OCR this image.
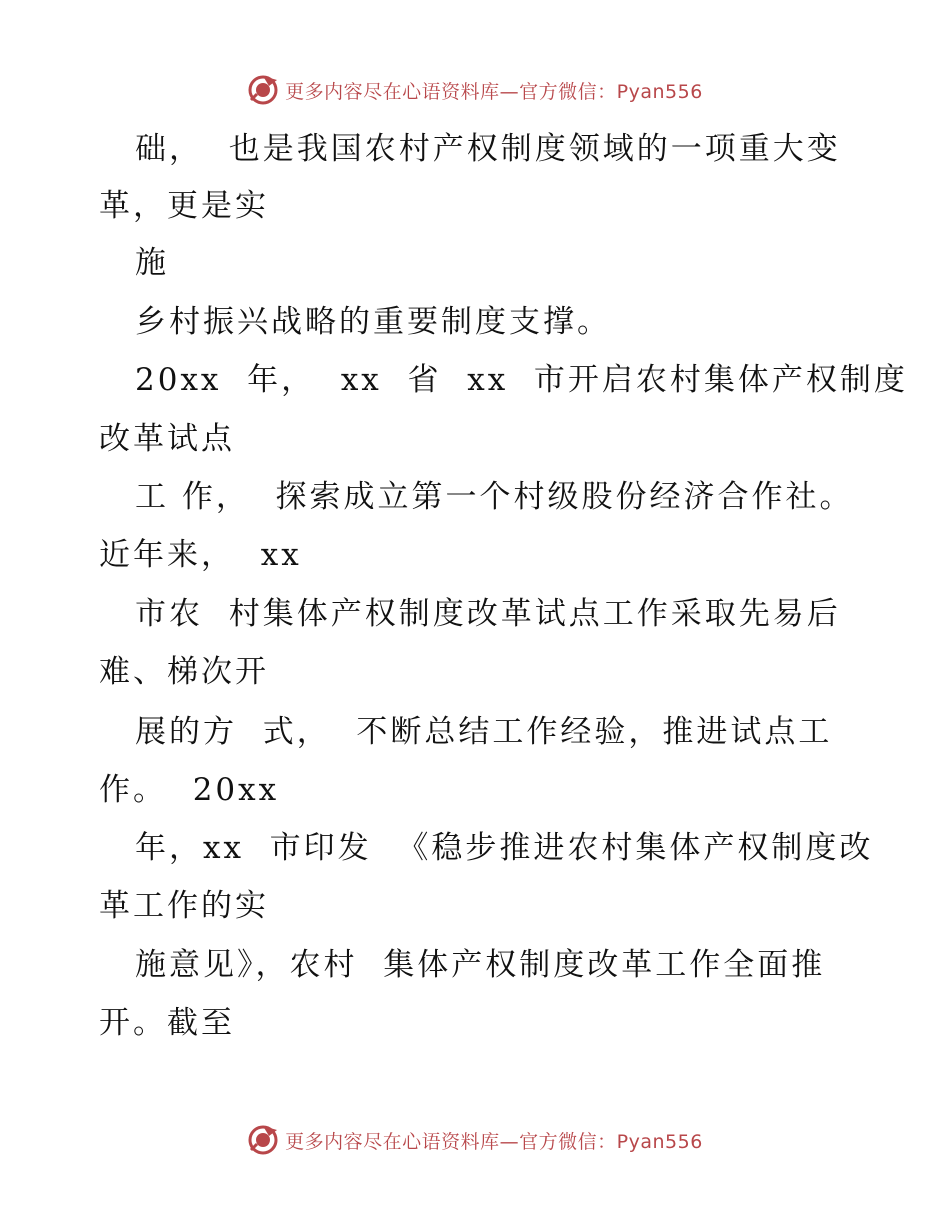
更多内容尽在心语资料库—官方微信：Pyan556
础，  也是我国农村产权制度领域的一项重大变
革，更是实
施
乡村振兴战略的重要制度支撑。
20xx  年，  xx  省  xx  市开启农村集体产权制度
改革试点
工 作，  探索成立第一个村级股份经济合作社。
近年来，  xx
市农  村集体产权制度改革试点工作采取先易后
难、梯次开
展的方  式，  不断总结工作经验，推进试点工
作。  20xx
年，xx  市印发  《稳步推进农村集体产权制度改
革工作的实
施意见》，农村  集体产权制度改革工作全面推
开。截至
更多内容尽在心语资料库—官方微信：Pyan556
